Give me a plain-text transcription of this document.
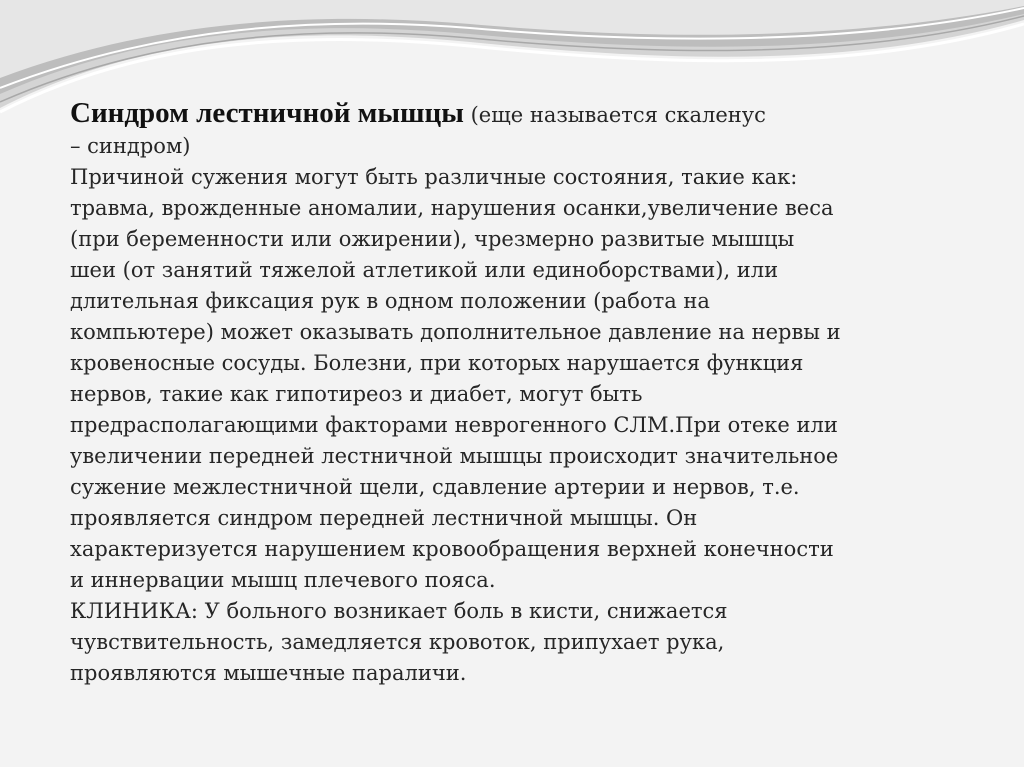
Синдром лестничной мышцы (еще называется скаленус
– синдром)
Причиной сужения могут быть различные состояния, такие как:
травма, врожденные аномалии, нарушения осанки,увеличение веса
(при беременности или ожирении), чрезмерно развитые мышцы
шеи (от занятий тяжелой атлетикой или единоборствами), или
длительная фиксация рук в одном положении (работа на
компьютере) может оказывать дополнительное давление на нервы и
кровеносные сосуды. Болезни, при которых нарушается функция
нервов, такие как гипотиреоз и диабет, могут быть
предрасполагающими факторами неврогенного СЛМ.При отеке или
увеличении передней лестничной мышцы происходит значительное
сужение межлестничной щели, сдавление артерии и нервов, т.е.
проявляется синдром передней лестничной мышцы. Он
характеризуется нарушением кровообращения верхней конечности
и иннервации мышц плечевого пояса.
КЛИНИКА: У больного возникает боль в кисти, снижается
чувствительность, замедляется кровоток, припухает рука,
проявляются мышечные параличи.
